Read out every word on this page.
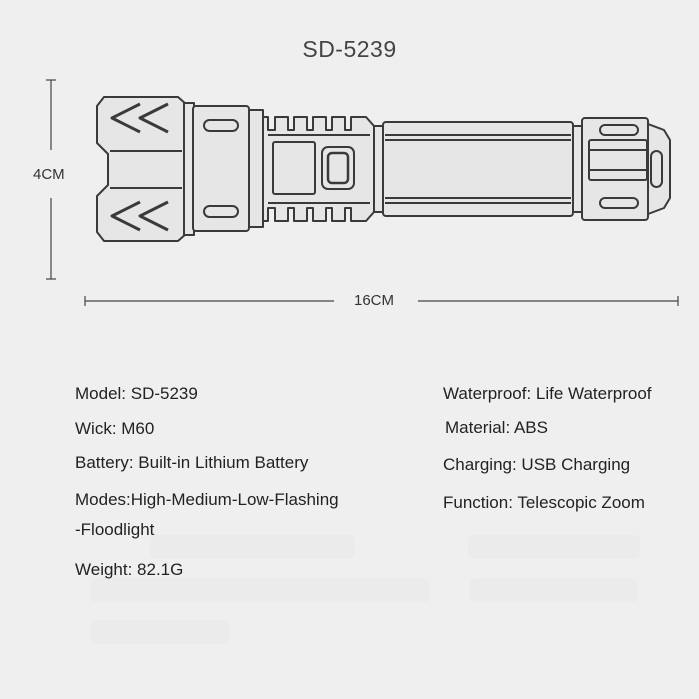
SD-5239
4CM
16CM
Model: SD-5239
Wick: M60
Battery: Built-in Lithium Battery
Modes:High-Medium-Low-Flashing
-Floodlight
Weight: 82.1G
Waterproof: Life Waterproof
Material: ABS
Charging: USB Charging
Function: Telescopic Zoom
